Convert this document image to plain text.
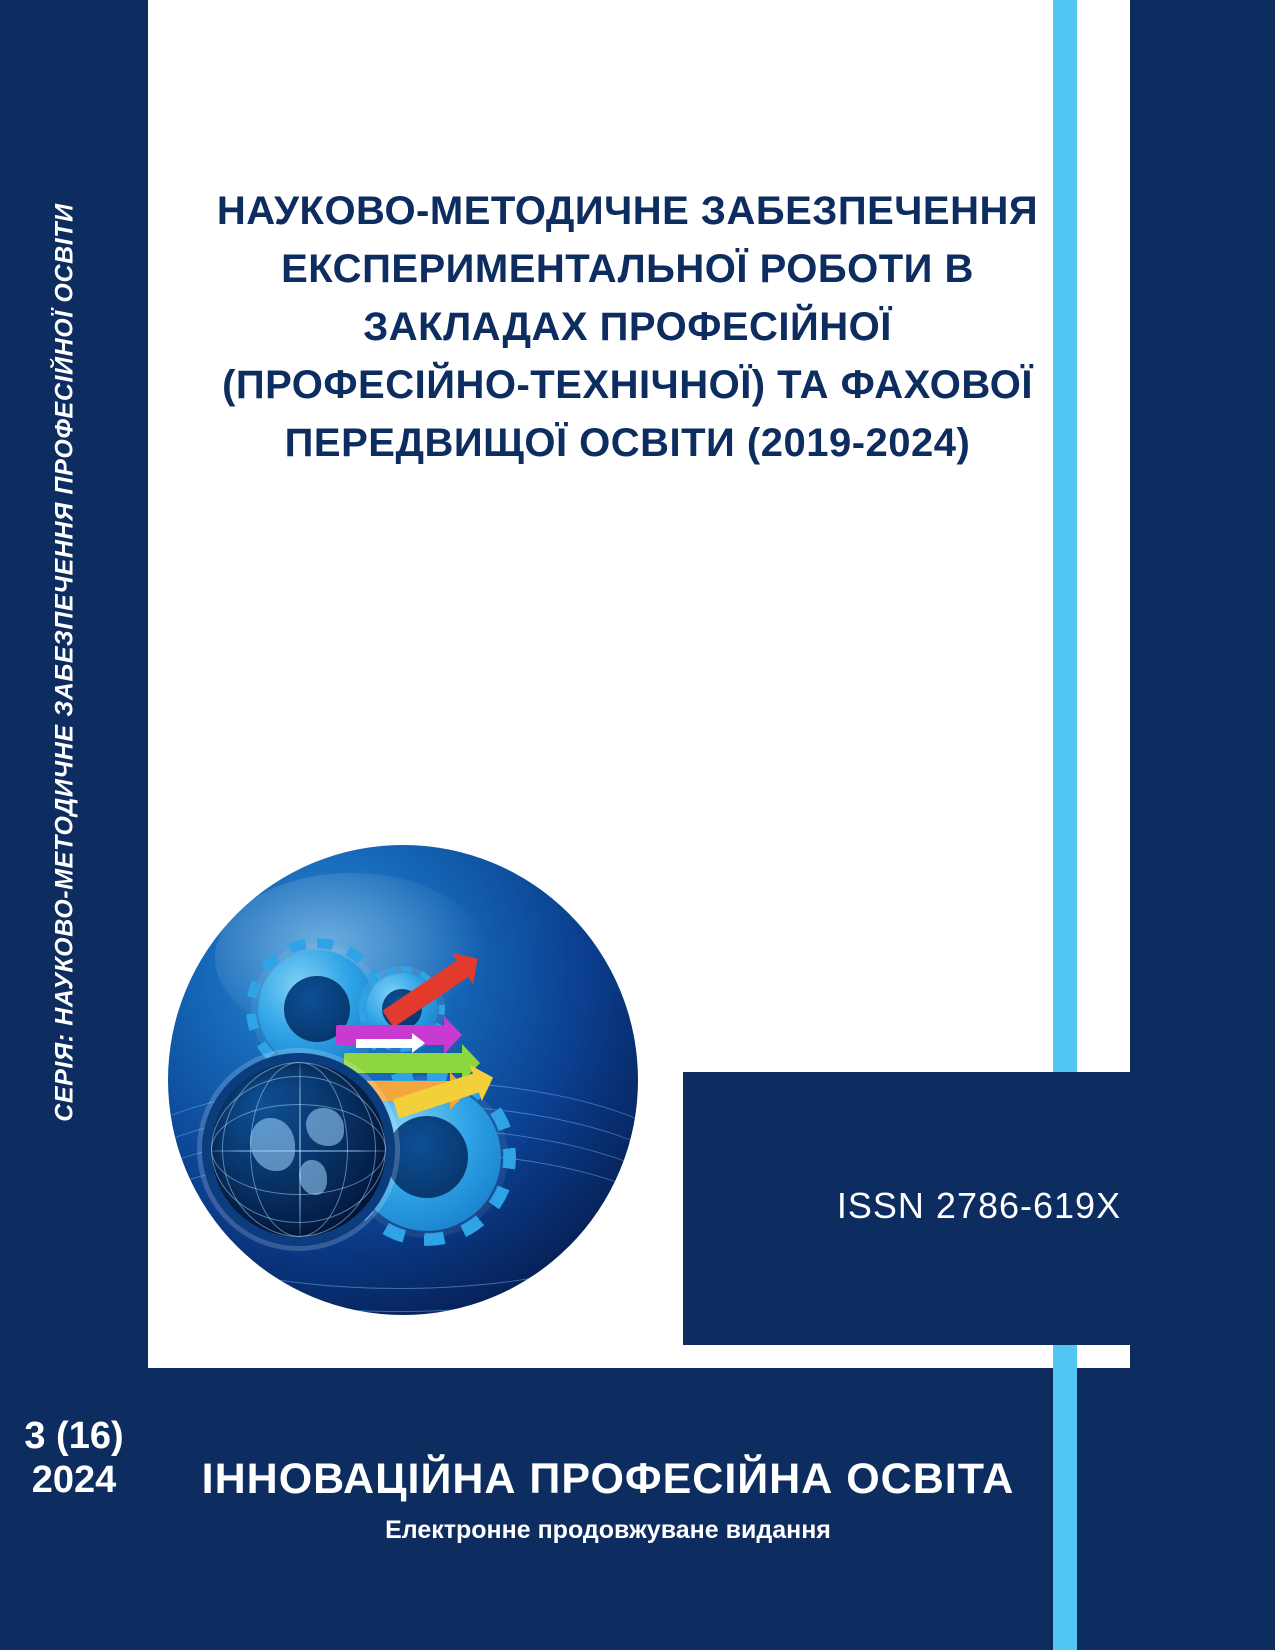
СЕРІЯ: НАУКОВО-МЕТОДИЧНЕ ЗАБЕЗПЕЧЕННЯ ПРОФЕСІЙНОЇ ОСВІТИ	НАУКОВО-МЕТОДИЧНЕ ЗАБЕЗПЕЧЕННЯ ЕКСПЕРИМЕНТАЛЬНОЇ РОБОТИ В ЗАКЛАДАХ ПРОФЕСІЙНОЇ (ПРОФЕСІЙНО-ТЕХНІЧНОЇ) ТА ФАХОВОЇ ПЕРЕДВИЩОЇ ОСВІТИ (2019-2024)
ISSN 2786-619X
3 (16)
2024	ІННОВАЦІЙНА ПРОФЕСІЙНА ОСВІТА
Електронне продовжуване видання
